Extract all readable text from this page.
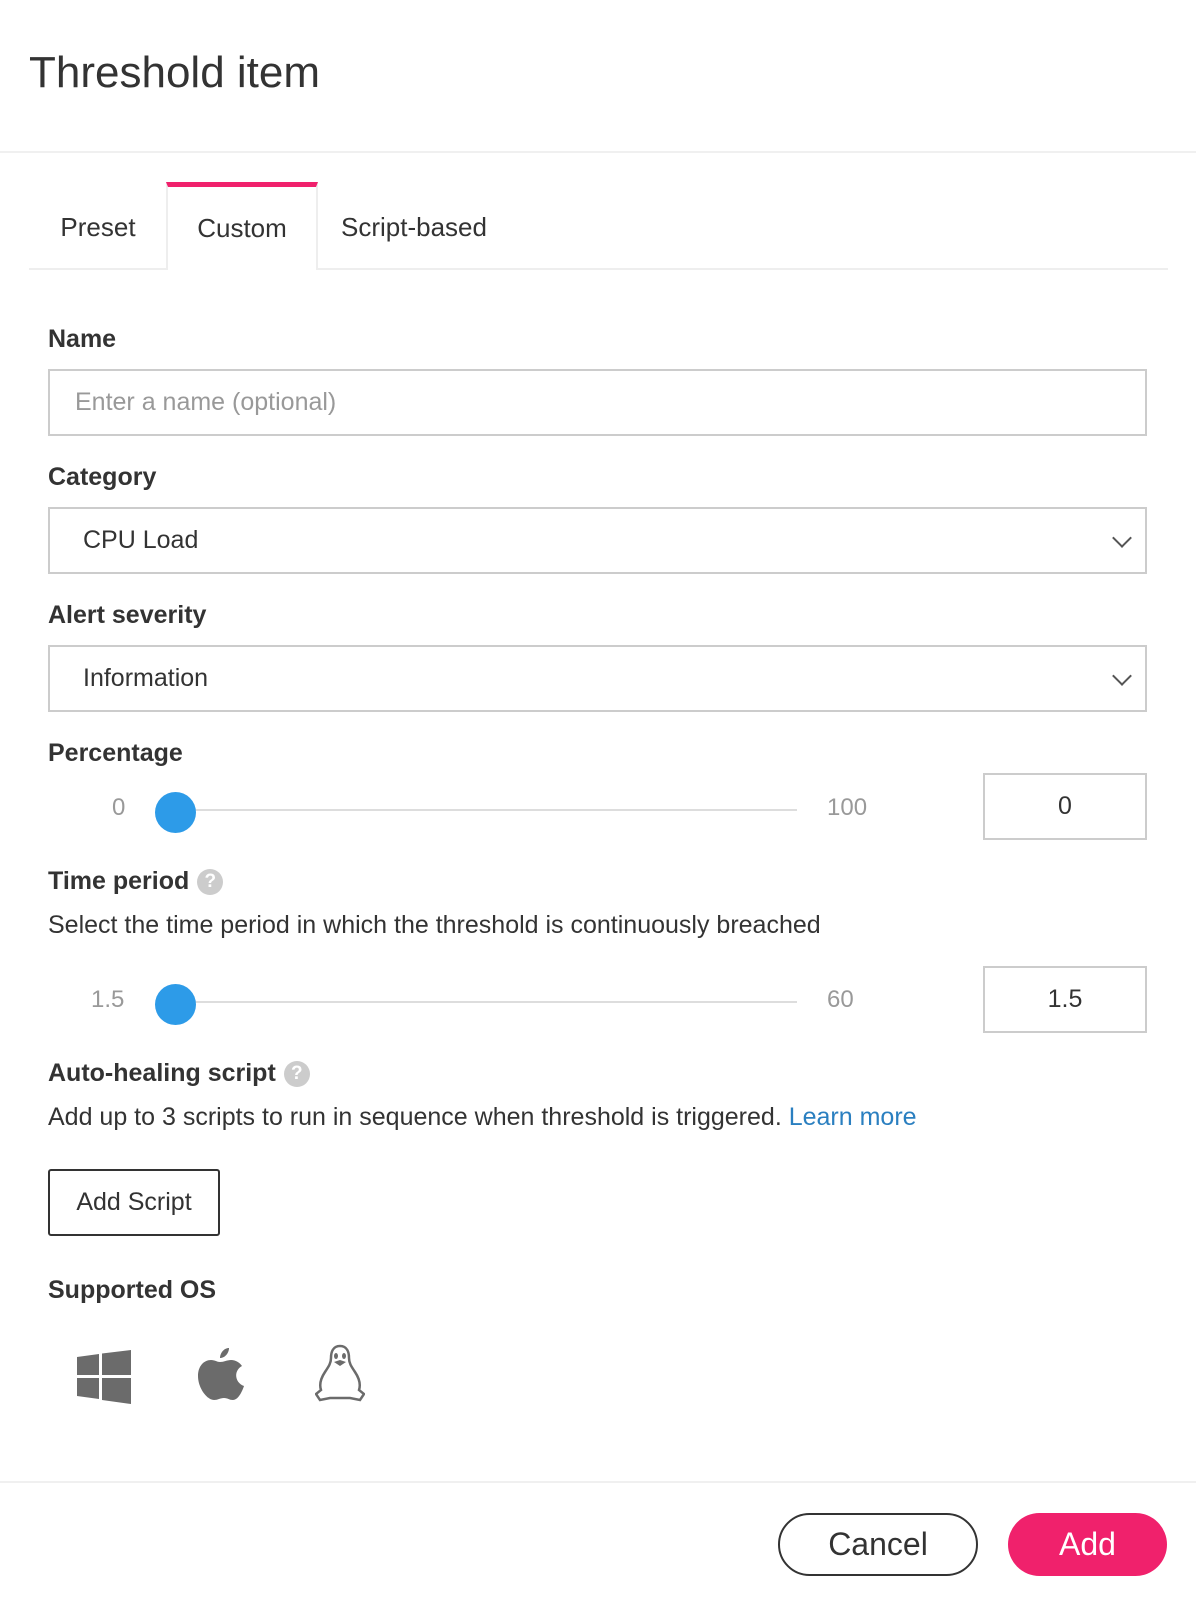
Threshold item
Preset	Custom	Script-based
Name
Enter a name (optional)
Category
CPU Load
Alert severity
Information
Percentage
0	100	0
Time period ?
Select the time period in which the threshold is continuously breached
1.5	60	1.5
Auto-healing script ?
Add up to 3 scripts to run in sequence when threshold is triggered. Learn more
Add Script
Supported OS
Cancel	Add
